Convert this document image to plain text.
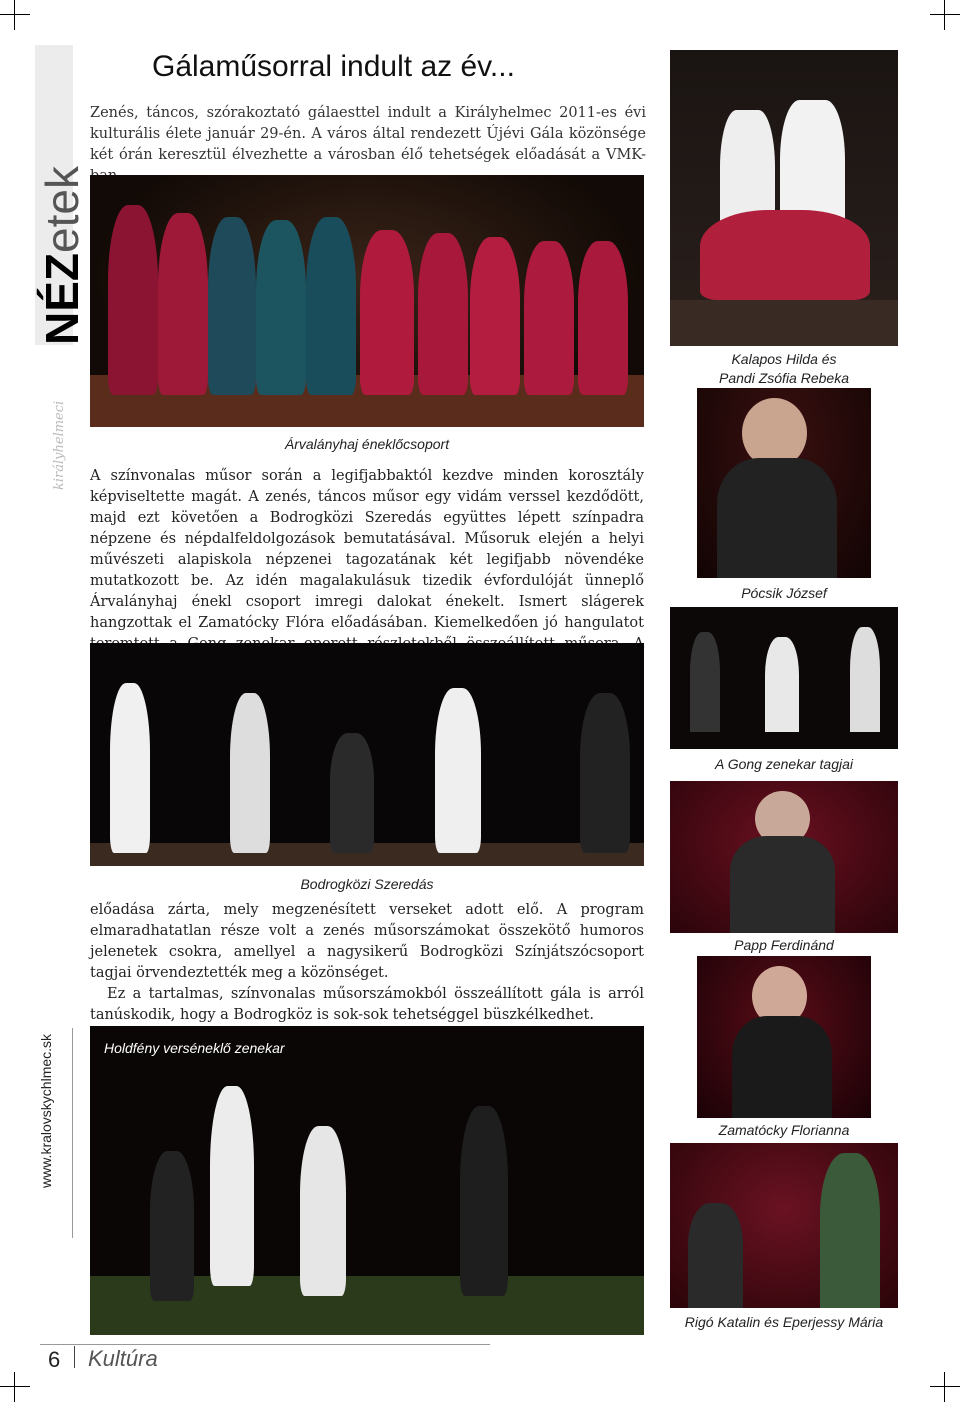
NÉZetek
királyhelmeci
www.kralovskychlmec.sk
Gálaműsorral indult az év...
Zenés, táncos, szórakoztató gálaesttel indult a Királyhelmec 2011-es évi kulturális élete január 29-én. A város által rendezett Újévi Gála közönsége két órán keresztül élvezhette a városban élő tehetségek előadását a VMK-
Árvalányhaj éneklőcsoport
Kalapos Hilda és
Pandi Zsófia Rebeka
Pócsik József

A színvonalas műsor során a legifjabbaktól kezdve minden korosztály képviseltette magát. A zenés, táncos műsor egy vidám verssel kezdődött, majd ezt követően a Bodrogközi Szeredás együttes lépett színpadra népzene és népdalfeldolgozások bemutatásával. Műsoruk elején a helyi művészeti alapiskola népzenei tagozatának két legifjabb növendéke mutatkozott be. Az idén magalakulásuk tizedik évfordulóját ünneplő Árvalányhaj énekl csoport imregi dalokat énekelt. Ismert slágerek hangzottak el Zamatócky Flóra előadásában. Kiemelkedően jó hangulatot

A Gong zenekar tagjai
Bodrogközi Szeredás
Papp Ferdinánd

előadása zárta, mely megzenésített verseket adott elő. A program elmaradhatatlan része volt a zenés műsorszámokat összekötő humoros jelenetek csokra, amellyel a nagysikerű Bodrogközi Színjátszócsoport tagjai örvendeztették meg a közönséget.

Ez a tartalmas, színvonalas műsorszámokból összeállított gála is arról tanúskodik, hogy a Bodrogköz is sok-sok tehetséggel büszkélkedhet.

Zamatócky Florianna
Holdfény verséneklő zenekar
Rigó Katalin és Eperjessy Mária
6 Kultúra
